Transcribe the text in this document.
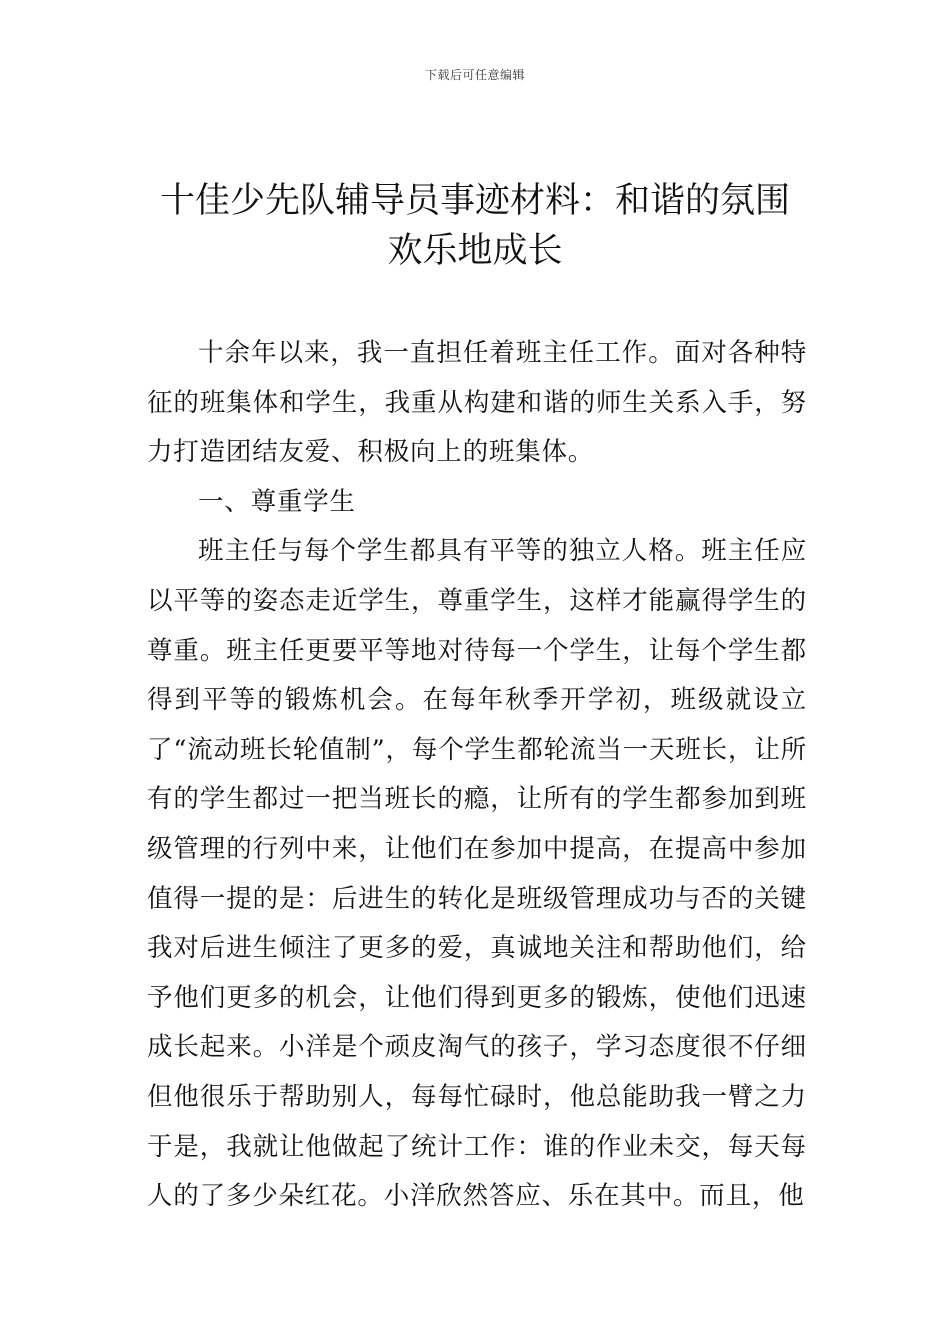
下载后可任意编辑
十佳少先队辅导员事迹材料：和谐的氛围
欢乐地成长

十余年以来，我一直担任着班主任工作。面对各种特征的班集体和学生，我重从构建和谐的师生关系入手，努力打造团结友爱、积极向上的班集体。

一、尊重学生

班主任与每个学生都具有平等的独立人格。班主任应以平等的姿态走近学生，尊重学生，这样才能赢得学生的尊重。班主任更要平等地对待每一个学生，让每个学生都得到平等的锻炼机会。在每年秋季开学初，班级就设立了“流动班长轮值制”，每个学生都轮流当一天班长，让所有的学生都过一把当班长的瘾，让所有的学生都参加到班级管理的行列中来，让他们在参加中提高，在提高中参加值得一提的是：后进生的转化是班级管理成功与否的关键我对后进生倾注了更多的爱，真诚地关注和帮助他们，给予他们更多的机会，让他们得到更多的锻炼，使他们迅速成长起来。小洋是个顽皮淘气的孩子，学习态度很不仔细但他很乐于帮助别人，每每忙碌时，他总能助我一臂之力于是，我就让他做起了统计工作：谁的作业未交，每天每人的了多少朵红花。小洋欣然答应、乐在其中。而且，他
